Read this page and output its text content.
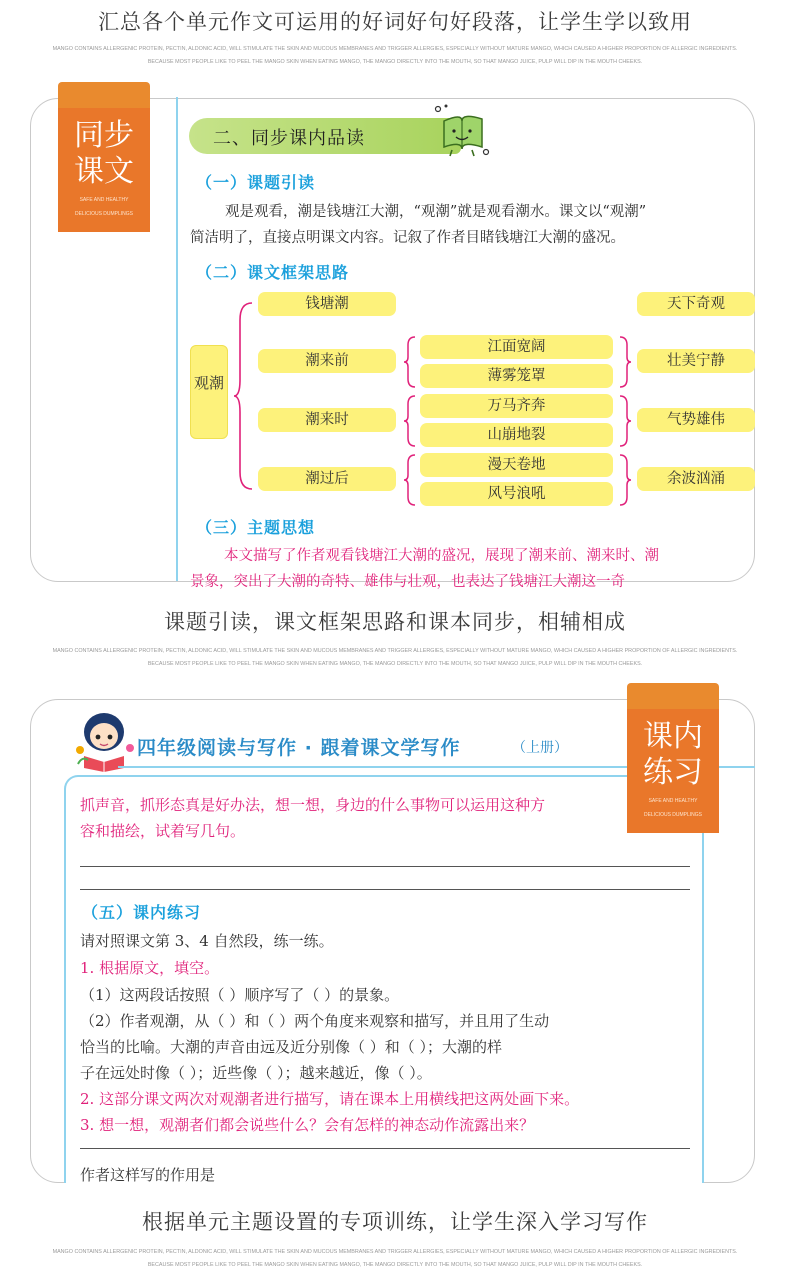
汇总各个单元作文可运用的好词好句好段落，让学生学以致用
MANGO CONTAINS ALLERGENIC PROTEIN, PECTIN, ALDONIC ACID, WILL STIMULATE THE SKIN AND MUCOUS MEMBRANES AND TRIGGER ALLERGIES, ESPECIALLY WITHOUT MATURE MANGO, WHICH CAUSED A HIGHER PROPORTION OF ALLERGIC INGREDIENTS.
BECAUSE MOST PEOPLE LIKE TO PEEL THE MANGO SKIN WHEN EATING MANGO, THE MANGO DIRECTLY INTO THE MOUTH, SO THAT MANGO JUICE, PULP WILL DIP IN THE MOUTH CHEEKS.
同步
课文
SAFE AND HEALTHY
DELICIOUS DUMPLINGS
二、同步课内品读
（一）课题引读
观是观看，潮是钱塘江大潮，“观潮”就是观看潮水。课文以“观潮”
简洁明了，直接点明课文内容。记叙了作者目睹钱塘江大潮的盛况。
（二）课文框架思路
观潮
钱塘潮	天下奇观
潮来前
江面宽阔
薄雾笼罩
壮美宁静
潮来时
万马齐奔
山崩地裂
气势雄伟
潮过后
漫天卷地
风号浪吼
余波汹涌
（三）主题思想
本文描写了作者观看钱塘江大潮的盛况，展现了潮来前、潮来时、潮
景象，突出了大潮的奇特、雄伟与壮观，也表达了钱塘江大潮这一奇
课题引读，课文框架思路和课本同步，相辅相成
MANGO CONTAINS ALLERGENIC PROTEIN, PECTIN, ALDONIC ACID, WILL STIMULATE THE SKIN AND MUCOUS MEMBRANES AND TRIGGER ALLERGIES, ESPECIALLY WITHOUT MATURE MANGO, WHICH CAUSED A HIGHER PROPORTION OF ALLERGIC INGREDIENTS.
BECAUSE MOST PEOPLE LIKE TO PEEL THE MANGO SKIN WHEN EATING MANGO, THE MANGO DIRECTLY INTO THE MOUTH, SO THAT MANGO JUICE, PULP WILL DIP IN THE MOUTH CHEEKS.
四年级阅读与写作 · 跟着课文学写作	（上册）	课内
练习
SAFE AND HEALTHY
DELICIOUS DUMPLINGS
抓声音，抓形态真是好办法，想一想，身边的什么事物可以运用这种方
容和描绘，试着写几句。
（五）课内练习
请对照课文第 3、4 自然段，练一练。
1. 根据原文，填空。
（1）这两段话按照（ ）顺序写了（ ）的景象。
（2）作者观潮，从（ ）和（ ）两个角度来观察和描写，并且用了生动
恰当的比喻。大潮的声音由远及近分别像（ ）和（ ）；大潮的样
子在远处时像（ ）；近些像（ ）；越来越近，像（ ）。
2. 这部分课文两次对观潮者进行描写，请在课本上用横线把这两处画下来。
3. 想一想，观潮者们都会说些什么？会有怎样的神态动作流露出来？
作者这样写的作用是
根据单元主题设置的专项训练，让学生深入学习写作
MANGO CONTAINS ALLERGENIC PROTEIN, PECTIN, ALDONIC ACID, WILL STIMULATE THE SKIN AND MUCOUS MEMBRANES AND TRIGGER ALLERGIES, ESPECIALLY WITHOUT MATURE MANGO, WHICH CAUSED A HIGHER PROPORTION OF ALLERGIC INGREDIENTS.
BECAUSE MOST PEOPLE LIKE TO PEEL THE MANGO SKIN WHEN EATING MANGO, THE MANGO DIRECTLY INTO THE MOUTH, SO THAT MANGO JUICE, PULP WILL DIP IN THE MOUTH CHEEKS.
